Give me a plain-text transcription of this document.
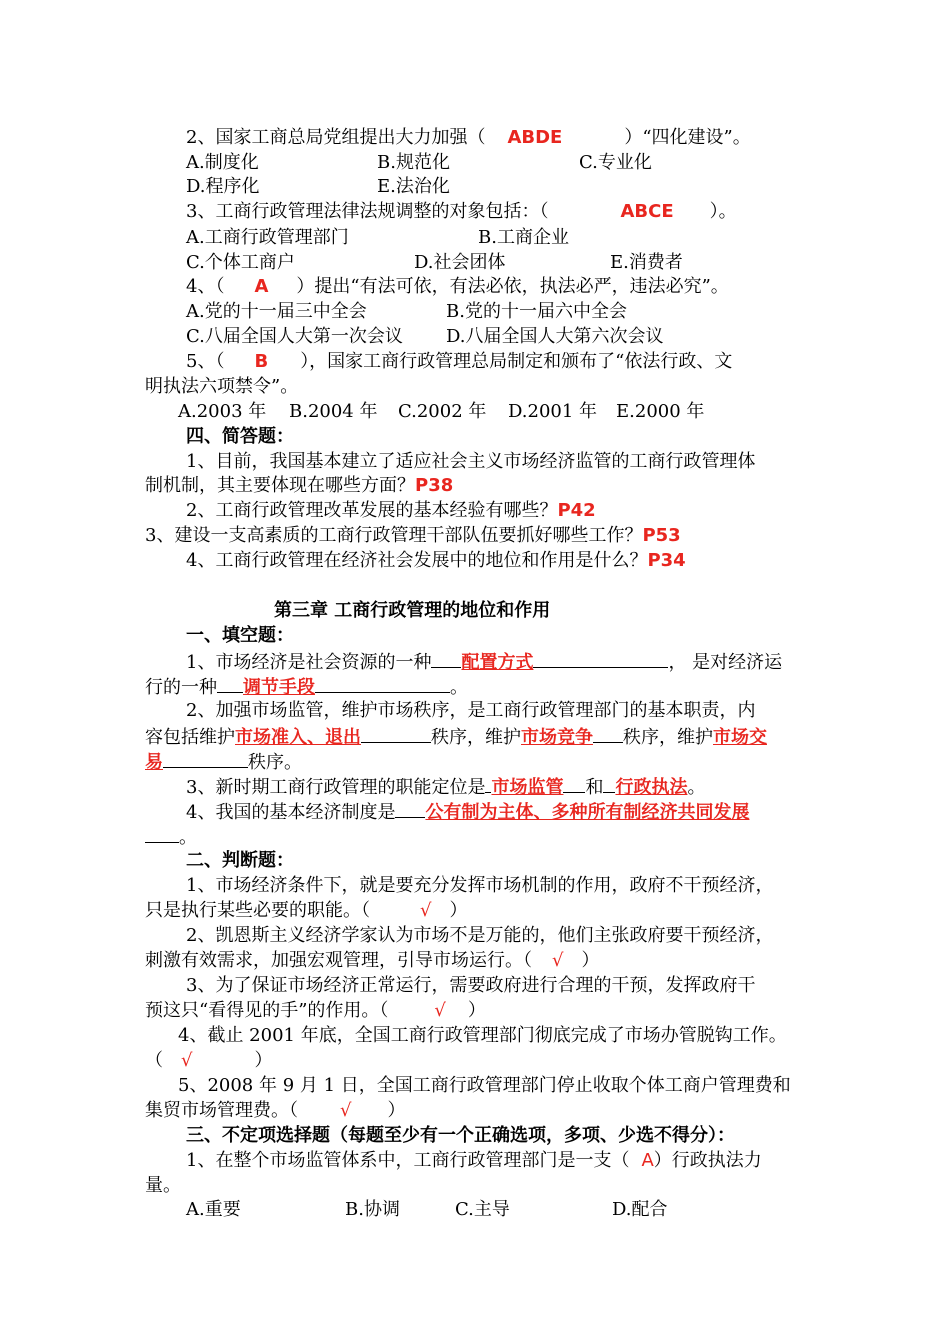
2、国家工商总局党组提出大力加强（ ABDE	）“四化建设”。
A.制度化	B.规范化	C.专业化
D.程序化	E.法治化
3、工商行政管理法律法规调整的对象包括：（	ABCE ）。
A.工商行政管理部门	B.工商企业
C.个体工商户	D.社会团体	E.消费者
4、（ A ）提出“有法可依，有法必依，执法必严，违法必究”。
A.党的十一届三中全会	B.党的十一届六中全会
C.八届全国人大第一次会议 D.八届全国人大第六次会议
5、（ B ），国家工商行政管理总局制定和颁布了“依法行政、文
明执法六项禁令”。
A.2003 年 B.2004 年 C.2002 年 D.2001 年 E.2000 年
四、简答题：
1、目前，我国基本建立了适应社会主义市场经济监管的工商行政管理体
制机制，其主要体现在哪些方面？P38
2、工商行政管理改革发展的基本经验有哪些？P42
3、建设一支高素质的工商行政管理干部队伍要抓好哪些工作？P53
4、工商行政管理在经济社会发展中的地位和作用是什么？P34
第三章 工商行政管理的地位和作用
一、填空题：
1、市场经济是社会资源的一种 配置方式	， 是对经济运
行的一种 调节手段	。
2、加强市场监管，维护市场秩序，是工商行政管理部门的基本职责，内
容包括维护市场准入、退出	秩序，维护市场竞争 秩序，维护市场交
易	秩序。
3、新时期工商行政管理的职能定位是 市场监管 和 行政执法。
4、我国的基本经济制度是 公有制为主体、多种所有制经济共同发展
。
二、判断题：
1、市场经济条件下，就是要充分发挥市场机制的作用，政府不干预经济，
只是执行某些必要的职能。（	√ ）
2、凯恩斯主义经济学家认为市场不是万能的，他们主张政府要干预经济，
刺激有效需求，加强宏观管理，引导市场运行。（ √ ）
3、为了保证市场经济正常运行，需要政府进行合理的干预，发挥政府干
预这只“看得见的手”的作用。（	√ ）
4、截止 2001 年底，全国工商行政管理部门彻底完成了市场办管脱钩工作。
（ √	）
5、2008 年 9 月 1 日，全国工商行政管理部门停止收取个体工商户管理费和
集贸市场管理费。（ √ ）
三、不定项选择题（每题至少有一个正确选项，多项、少选不得分）：
1、在整个市场监管体系中，工商行政管理部门是一支（ A）行政执法力
量。
A.重要	B.协调	C.主导	D.配合
